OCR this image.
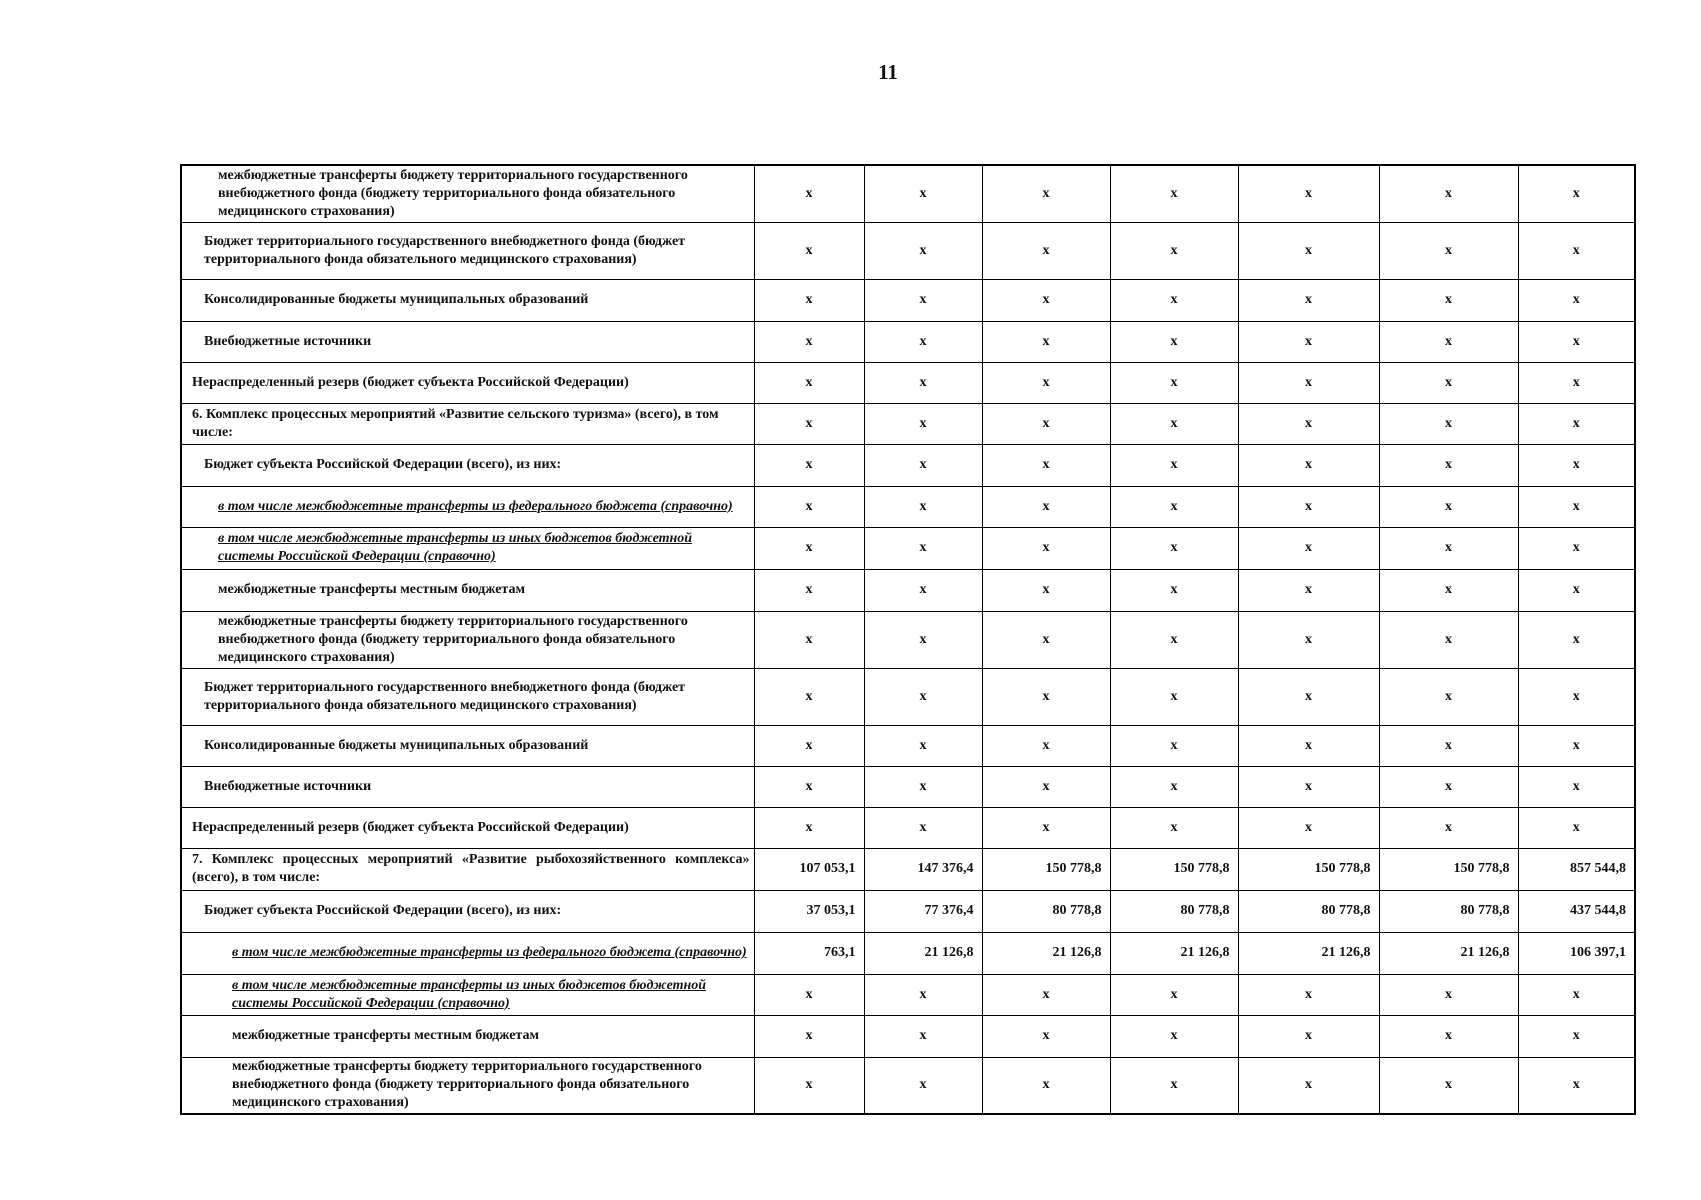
11
межбюджетные трансферты бюджету территориального государственного внебюджетного фонда (бюджету территориального фонда обязательного медицинского страхования)	x	x	x	x	x	x	x
Бюджет территориального государственного внебюджетного фонда (бюджет территориального фонда обязательного медицинского страхования)	x	x	x	x	x	x	x
Консолидированные бюджеты муниципальных образований	x	x	x	x	x	x	x
Внебюджетные источники	x	x	x	x	x	x	x
Нераспределенный резерв (бюджет субъекта Российской Федерации)	x	x	x	x	x	x	x
6. Комплекс процессных мероприятий «Развитие сельского туризма» (всего), в том числе:	x	x	x	x	x	x	x
Бюджет субъекта Российской Федерации (всего), из них:	x	x	x	x	x	x	x
в том числе межбюджетные трансферты из федерального бюджета (справочно)	x	x	x	x	x	x	x
в том числе межбюджетные трансферты из иных бюджетов бюджетной системы Российской Федерации (справочно)	x	x	x	x	x	x	x
межбюджетные трансферты местным бюджетам	x	x	x	x	x	x	x
межбюджетные трансферты бюджету территориального государственного внебюджетного фонда (бюджету территориального фонда обязательного медицинского страхования)	x	x	x	x	x	x	x
Бюджет территориального государственного внебюджетного фонда (бюджет территориального фонда обязательного медицинского страхования)	x	x	x	x	x	x	x
Консолидированные бюджеты муниципальных образований	x	x	x	x	x	x	x
Внебюджетные источники	x	x	x	x	x	x	x
Нераспределенный резерв (бюджет субъекта Российской Федерации)	x	x	x	x	x	x	x
7. Комплекс процессных мероприятий «Развитие рыбохозяйственного комплекса» (всего), в том числе:	107 053,1	147 376,4	150 778,8	150 778,8	150 778,8	150 778,8	857 544,8
Бюджет субъекта Российской Федерации (всего), из них:	37 053,1	77 376,4	80 778,8	80 778,8	80 778,8	80 778,8	437 544,8
в том числе межбюджетные трансферты из федерального бюджета (справочно)	763,1	21 126,8	21 126,8	21 126,8	21 126,8	21 126,8	106 397,1
в том числе межбюджетные трансферты из иных бюджетов бюджетной системы Российской Федерации (справочно)	x	x	x	x	x	x	x
межбюджетные трансферты местным бюджетам	x	x	x	x	x	x	x
межбюджетные трансферты бюджету территориального государственного внебюджетного фонда (бюджету территориального фонда обязательного медицинского страхования)	x	x	x	x	x	x	x
